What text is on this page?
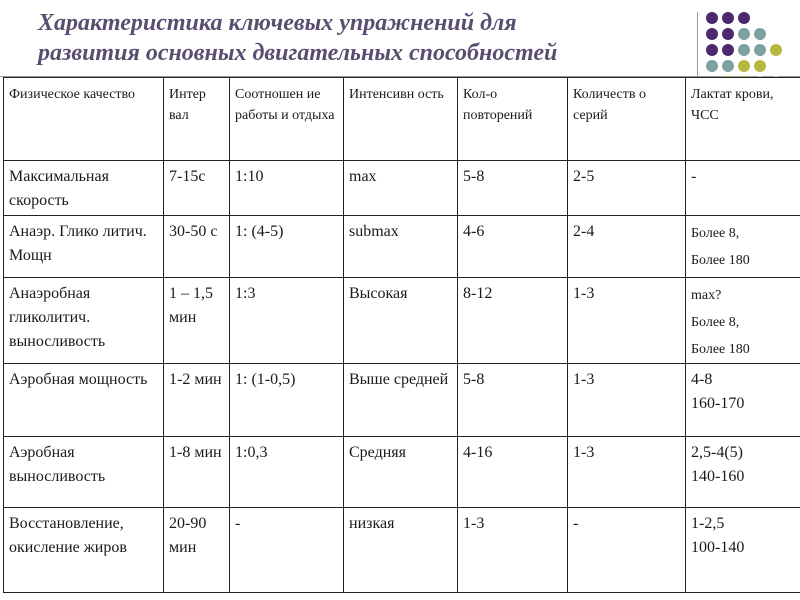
Характеристика ключевых упражнений для
развития основных двигательных способностей
Физическое качество	Интер вал	Соотношен ие работы и отдыха	Интенсивн ость	Кол-о повторений	Количеств о серий	Лактат крови, ЧСС
Максимальная скорость	7-15с	1:10	max	5-8	2-5	-
Анаэр. Глико литич. Мощн	30-50 с	1: (4-5)	submax	4-6	2-4	Более 8,
Более 180

Анаэробная гликолитич. выносливость	1 – 1,5 мин	1:3	Высокая	8-12	1-3	max?
Более 8,
Более 180

Аэробная мощность	1-2 мин	1: (1-0,5)	Выше средней	5-8	1-3	4-8
160-170

Аэробная выносливость	1-8 мин	1:0,3	Средняя	4-16	1-3	2,5-4(5)
140-160

Восстановление, окисление жиров	20-90 мин	-	низкая	1-3	-	1-2,5
100-140
